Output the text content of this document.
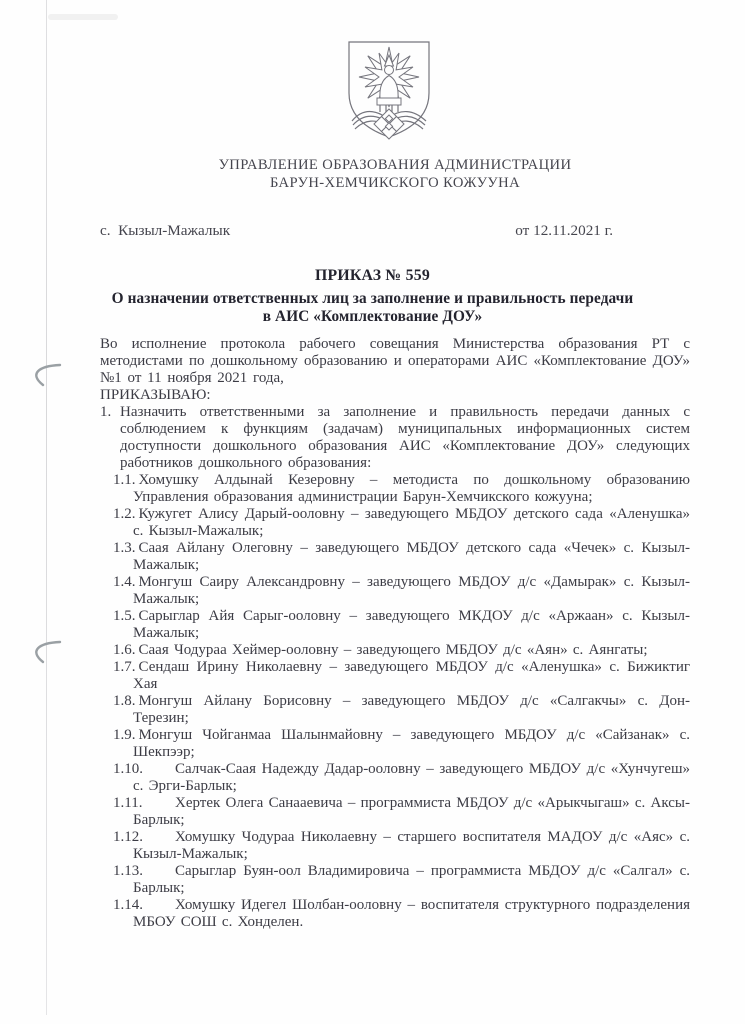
УПРАВЛЕНИЕ ОБРАЗОВАНИЯ АДМИНИСТРАЦИИ
БАРУН-ХЕМЧИКСКОГО КОЖУУНА
с.  Кызыл-Мажалык	от 12.11.2021 г.
ПРИКАЗ № 559
О назначении ответственных лиц за заполнение и правильность передачи
в АИС «Комплектование ДОУ»

Во исполнение протокола рабочего совещания Министерства образования РТ с методистами по дошкольному образованию и операторами АИС «Комплектование ДОУ» №1 от 11 ноября 2021 года,

ПРИКАЗЫВАЮ:
1. Назначить ответственными за заполнение и правильность передачи данных с соблюдением к функциям (задачам) муниципальных информационных систем доступности дошкольного образования АИС «Комплектование ДОУ» следующих работников дошкольного образования:
1.1. Хомушку Алдынай Кезеровну – методиста по дошкольному образованию Управления образования администрации Барун-Хемчикского кожууна;
1.2. Кужугет Алису Дарый-ооловну – заведующего МБДОУ детского сада «Аленушка» с. Кызыл-Мажалык;
1.3. Саая Айлану Олеговну – заведующего МБДОУ детского сада «Чечек» с. Кызыл-Мажалык;
1.4. Монгуш Саиру Александровну – заведующего МБДОУ д/с «Дамырак» с. Кызыл-Мажалык;
1.5. Сарыглар Айя Сарыг-ооловну – заведующего МКДОУ д/с «Аржаан» с. Кызыл-Мажалык;
1.6. Саая Чодураа Хеймер-ооловну – заведующего МБДОУ д/с «Аян» с. Аянгаты;
1.7. Сендаш Ирину Николаевну – заведующего МБДОУ д/с «Аленушка» с. Бижиктиг Хая
1.8. Монгуш Айлану Борисовну – заведующего МБДОУ д/с «Салгакчы» с. Дон-Терезин;
1.9. Монгуш Чойганмаа Шалынмайовну – заведующего МБДОУ д/с «Сайзанак» с. Шекпээр;
1.10. Салчак-Саая Надежду Дадар-ооловну – заведующего МБДОУ д/с «Хунчугеш» с. Эрги-Барлык;
1.11. Хертек Олега Санааевича – программиста МБДОУ д/с «Арыкчыгаш» с. Аксы-Барлык;
1.12. Хомушку Чодураа Николаевну – старшего воспитателя МАДОУ д/с «Аяс» с. Кызыл-Мажалык;
1.13. Сарыглар Буян-оол Владимировича – программиста МБДОУ д/с «Салгал» с. Барлык;
1.14. Хомушку Идегел Шолбан-ооловну – воспитателя структурного подразделения МБОУ СОШ с. Хонделен.
